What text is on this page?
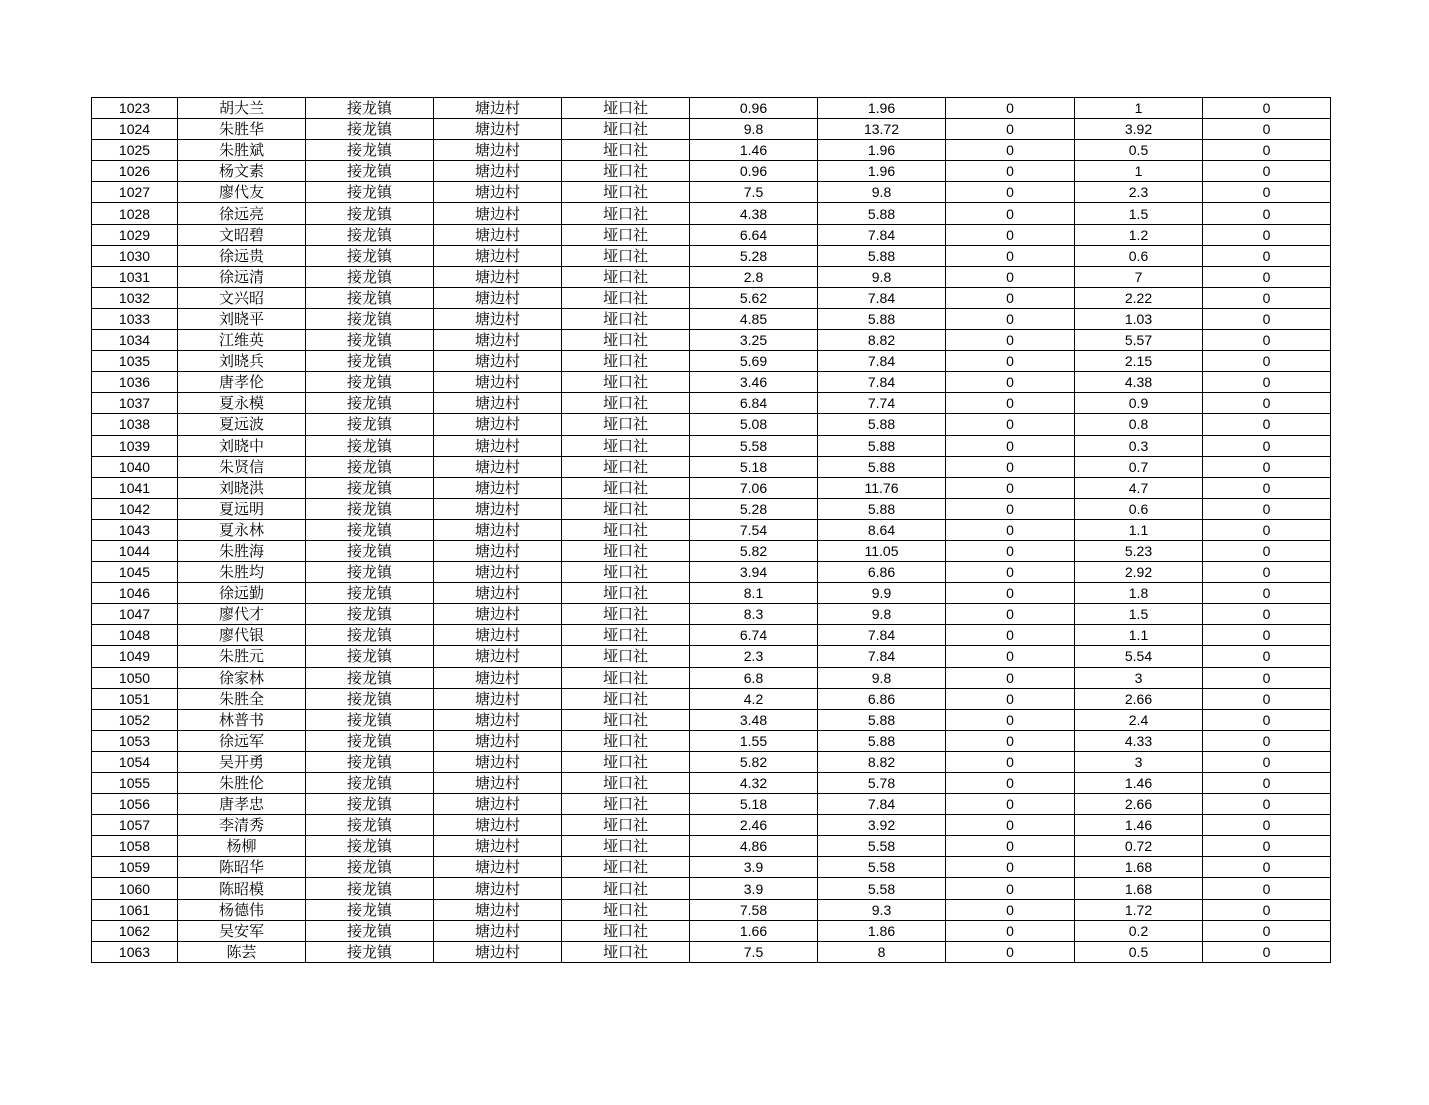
1023	胡大兰	接龙镇	塘边村	垭口社	0.96	1.96	0	1	0
1024	朱胜华	接龙镇	塘边村	垭口社	9.8	13.72	0	3.92	0
1025	朱胜斌	接龙镇	塘边村	垭口社	1.46	1.96	0	0.5	0
1026	杨文素	接龙镇	塘边村	垭口社	0.96	1.96	0	1	0
1027	廖代友	接龙镇	塘边村	垭口社	7.5	9.8	0	2.3	0
1028	徐远亮	接龙镇	塘边村	垭口社	4.38	5.88	0	1.5	0
1029	文昭碧	接龙镇	塘边村	垭口社	6.64	7.84	0	1.2	0
1030	徐远贵	接龙镇	塘边村	垭口社	5.28	5.88	0	0.6	0
1031	徐远清	接龙镇	塘边村	垭口社	2.8	9.8	0	7	0
1032	文兴昭	接龙镇	塘边村	垭口社	5.62	7.84	0	2.22	0
1033	刘晓平	接龙镇	塘边村	垭口社	4.85	5.88	0	1.03	0
1034	江维英	接龙镇	塘边村	垭口社	3.25	8.82	0	5.57	0
1035	刘晓兵	接龙镇	塘边村	垭口社	5.69	7.84	0	2.15	0
1036	唐孝伦	接龙镇	塘边村	垭口社	3.46	7.84	0	4.38	0
1037	夏永模	接龙镇	塘边村	垭口社	6.84	7.74	0	0.9	0
1038	夏远波	接龙镇	塘边村	垭口社	5.08	5.88	0	0.8	0
1039	刘晓中	接龙镇	塘边村	垭口社	5.58	5.88	0	0.3	0
1040	朱贤信	接龙镇	塘边村	垭口社	5.18	5.88	0	0.7	0
1041	刘晓洪	接龙镇	塘边村	垭口社	7.06	11.76	0	4.7	0
1042	夏远明	接龙镇	塘边村	垭口社	5.28	5.88	0	0.6	0
1043	夏永林	接龙镇	塘边村	垭口社	7.54	8.64	0	1.1	0
1044	朱胜海	接龙镇	塘边村	垭口社	5.82	11.05	0	5.23	0
1045	朱胜均	接龙镇	塘边村	垭口社	3.94	6.86	0	2.92	0
1046	徐远勤	接龙镇	塘边村	垭口社	8.1	9.9	0	1.8	0
1047	廖代才	接龙镇	塘边村	垭口社	8.3	9.8	0	1.5	0
1048	廖代银	接龙镇	塘边村	垭口社	6.74	7.84	0	1.1	0
1049	朱胜元	接龙镇	塘边村	垭口社	2.3	7.84	0	5.54	0
1050	徐家林	接龙镇	塘边村	垭口社	6.8	9.8	0	3	0
1051	朱胜全	接龙镇	塘边村	垭口社	4.2	6.86	0	2.66	0
1052	林普书	接龙镇	塘边村	垭口社	3.48	5.88	0	2.4	0
1053	徐远军	接龙镇	塘边村	垭口社	1.55	5.88	0	4.33	0
1054	吴开勇	接龙镇	塘边村	垭口社	5.82	8.82	0	3	0
1055	朱胜伦	接龙镇	塘边村	垭口社	4.32	5.78	0	1.46	0
1056	唐孝忠	接龙镇	塘边村	垭口社	5.18	7.84	0	2.66	0
1057	李清秀	接龙镇	塘边村	垭口社	2.46	3.92	0	1.46	0
1058	杨柳	接龙镇	塘边村	垭口社	4.86	5.58	0	0.72	0
1059	陈昭华	接龙镇	塘边村	垭口社	3.9	5.58	0	1.68	0
1060	陈昭模	接龙镇	塘边村	垭口社	3.9	5.58	0	1.68	0
1061	杨德伟	接龙镇	塘边村	垭口社	7.58	9.3	0	1.72	0
1062	吴安军	接龙镇	塘边村	垭口社	1.66	1.86	0	0.2	0
1063	陈芸	接龙镇	塘边村	垭口社	7.5	8	0	0.5	0
